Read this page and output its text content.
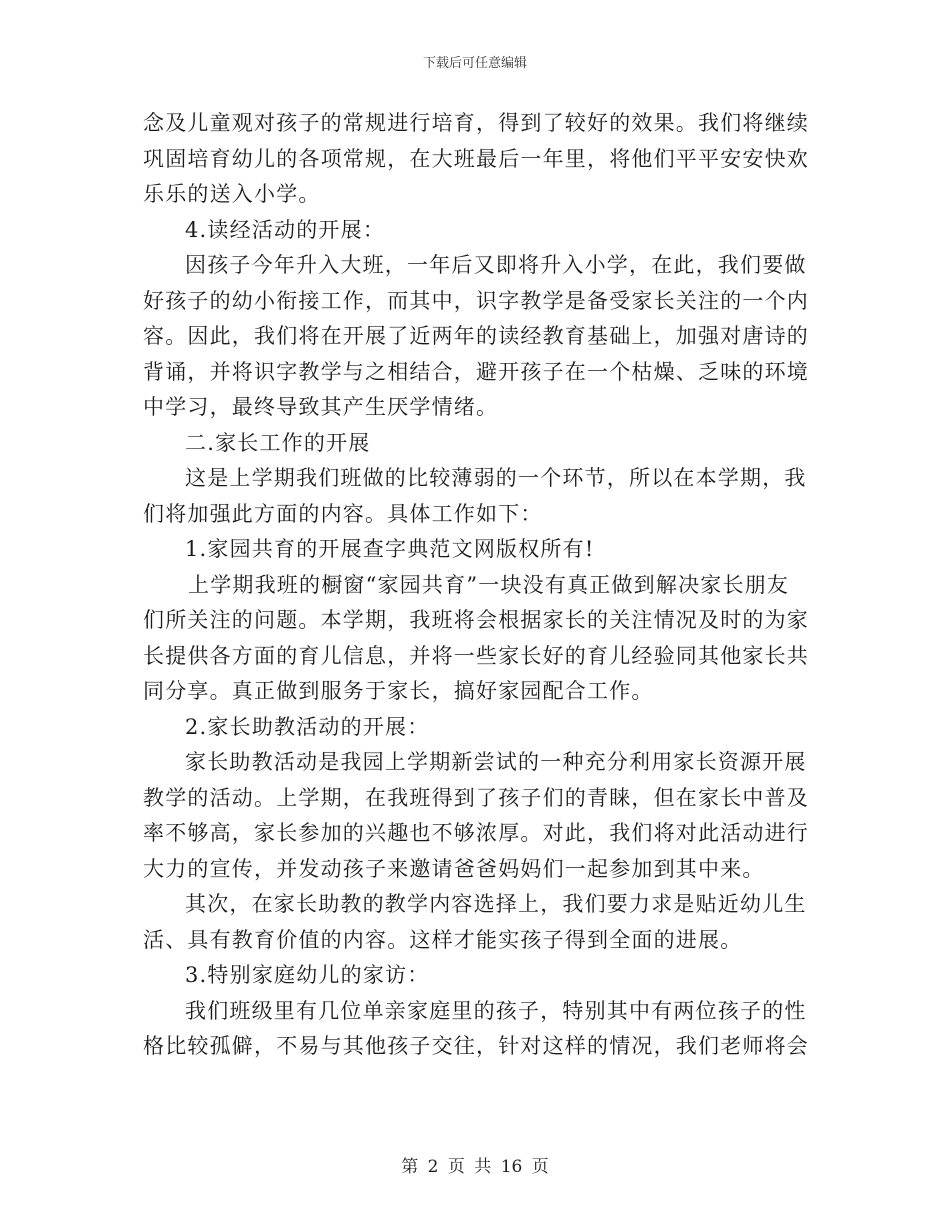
下载后可任意编辑
念及儿童观对孩子的常规进行培育，得到了较好的效果。我们将继续
巩固培育幼儿的各项常规，在大班最后一年里，将他们平平安安快欢
乐乐的送入小学。
4.读经活动的开展：
因孩子今年升入大班，一年后又即将升入小学，在此，我们要做
好孩子的幼小衔接工作，而其中，识字教学是备受家长关注的一个内
容。因此，我们将在开展了近两年的读经教育基础上，加强对唐诗的
背诵，并将识字教学与之相结合，避开孩子在一个枯燥、乏味的环境
中学习，最终导致其产生厌学情绪。
二.家长工作的开展
这是上学期我们班做的比较薄弱的一个环节，所以在本学期，我
们将加强此方面的内容。具体工作如下：
1.家园共育的开展查字典范文网版权所有!
上学期我班的橱窗“家园共育”一块没有真正做到解决家长朋友
们所关注的问题。本学期，我班将会根据家长的关注情况及时的为家
长提供各方面的育儿信息，并将一些家长好的育儿经验同其他家长共
同分享。真正做到服务于家长，搞好家园配合工作。
2.家长助教活动的开展：
家长助教活动是我园上学期新尝试的一种充分利用家长资源开展
教学的活动。上学期，在我班得到了孩子们的青睐，但在家长中普及
率不够高，家长参加的兴趣也不够浓厚。对此，我们将对此活动进行
大力的宣传，并发动孩子来邀请爸爸妈妈们一起参加到其中来。
其次，在家长助教的教学内容选择上，我们要力求是贴近幼儿生
活、具有教育价值的内容。这样才能实孩子得到全面的进展。
3.特别家庭幼儿的家访：
我们班级里有几位单亲家庭里的孩子，特别其中有两位孩子的性
格比较孤僻，不易与其他孩子交往，针对这样的情况，我们老师将会
第 2 页 共 16 页
